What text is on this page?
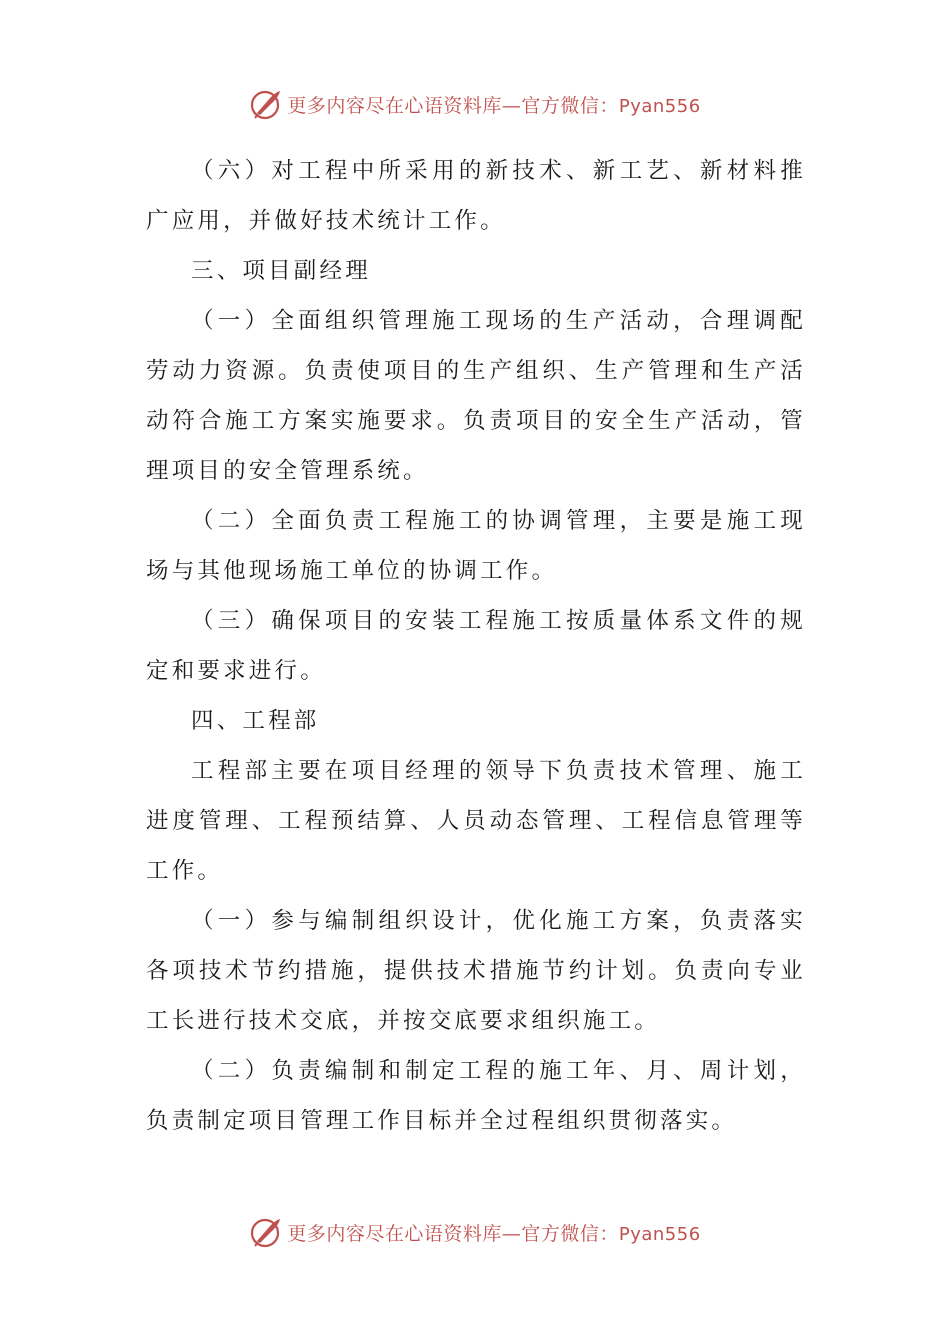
更多内容尽在心语资料库—官方微信：Pyan556

（六）对工程中所采用的新技术、新工艺、新材料推广应用，并做好技术统计工作。

三、项目副经理

（一）全面组织管理施工现场的生产活动，合理调配劳动力资源。负责使项目的生产组织、生产管理和生产活动符合施工方案实施要求。负责项目的安全生产活动，管理项目的安全管理系统。

（二）全面负责工程施工的协调管理，主要是施工现场与其他现场施工单位的协调工作。

（三）确保项目的安装工程施工按质量体系文件的规定和要求进行。

四、工程部

工程部主要在项目经理的领导下负责技术管理、施工进度管理、工程预结算、人员动态管理、工程信息管理等工作。

（一）参与编制组织设计，优化施工方案，负责落实各项技术节约措施，提供技术措施节约计划。负责向专业工长进行技术交底，并按交底要求组织施工。

（二）负责编制和制定工程的施工年、月、周计划，负责制定项目管理工作目标并全过程组织贯彻落实。

更多内容尽在心语资料库—官方微信：Pyan556
